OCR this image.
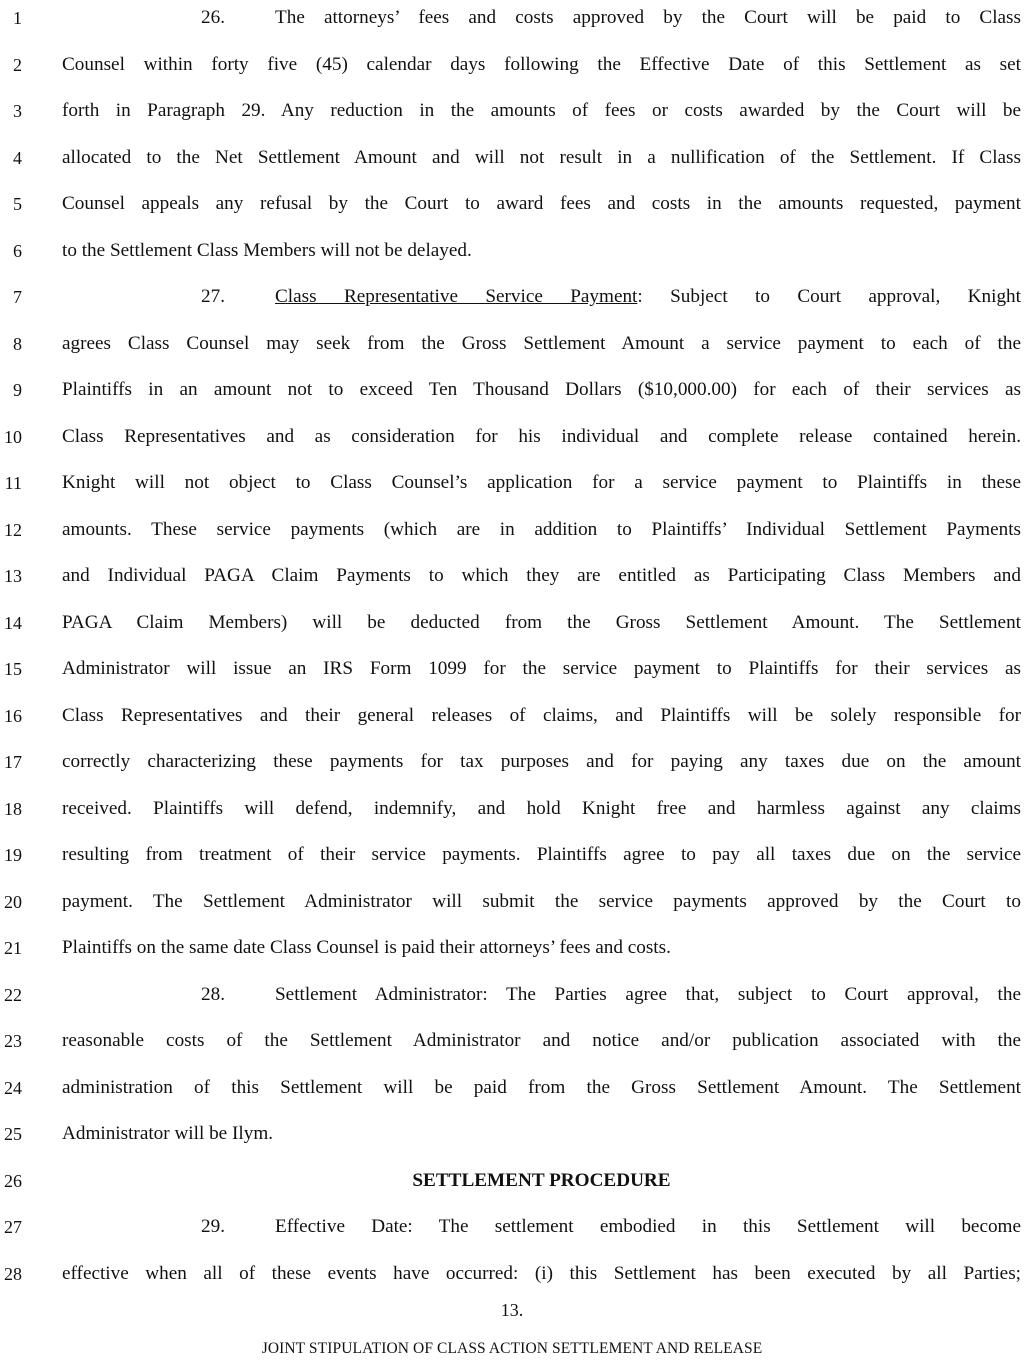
1	26.	The attorneys’ fees and costs approved by the Court will be paid to Class
2 Counsel within forty five (45) calendar days following the Effective Date of this Settlement as set
3 forth in Paragraph 29. Any reduction in the amounts of fees or costs awarded by the Court will be
4 allocated to the Net Settlement Amount and will not result in a nullification of the Settlement. If Class
5 Counsel appeals any refusal by the Court to award fees and costs in the amounts requested, payment
6 to the Settlement Class Members will not be delayed.
7	27.	Class Representative Service Payment: Subject to Court approval, Knight
8 agrees Class Counsel may seek from the Gross Settlement Amount a service payment to each of the
9 Plaintiffs in an amount not to exceed Ten Thousand Dollars ($10,000.00) for each of their services as
10 Class Representatives and as consideration for his individual and complete release contained herein.
11 Knight will not object to Class Counsel’s application for a service payment to Plaintiffs in these
12 amounts. These service payments (which are in addition to Plaintiffs’ Individual Settlement Payments
13 and Individual PAGA Claim Payments to which they are entitled as Participating Class Members and
14 PAGA Claim Members) will be deducted from the Gross Settlement Amount. The Settlement
15 Administrator will issue an IRS Form 1099 for the service payment to Plaintiffs for their services as
16 Class Representatives and their general releases of claims, and Plaintiffs will be solely responsible for
17 correctly characterizing these payments for tax purposes and for paying any taxes due on the amount
18 received. Plaintiffs will defend, indemnify, and hold Knight free and harmless against any claims
19 resulting from treatment of their service payments. Plaintiffs agree to pay all taxes due on the service
20 payment. The Settlement Administrator will submit the service payments approved by the Court to
21 Plaintiffs on the same date Class Counsel is paid their attorneys’ fees and costs.
22	28.	Settlement Administrator: The Parties agree that, subject to Court approval, the
23 reasonable costs of the Settlement Administrator and notice and/or publication associated with the
24 administration of this Settlement will be paid from the Gross Settlement Amount. The Settlement
25 Administrator will be Ilym.
26	SETTLEMENT PROCEDURE
27	29.	Effective Date: The settlement embodied in this Settlement will become
28 effective when all of these events have occurred: (i) this Settlement has been executed by all Parties;
13.
JOINT STIPULATION OF CLASS ACTION SETTLEMENT AND RELEASE
